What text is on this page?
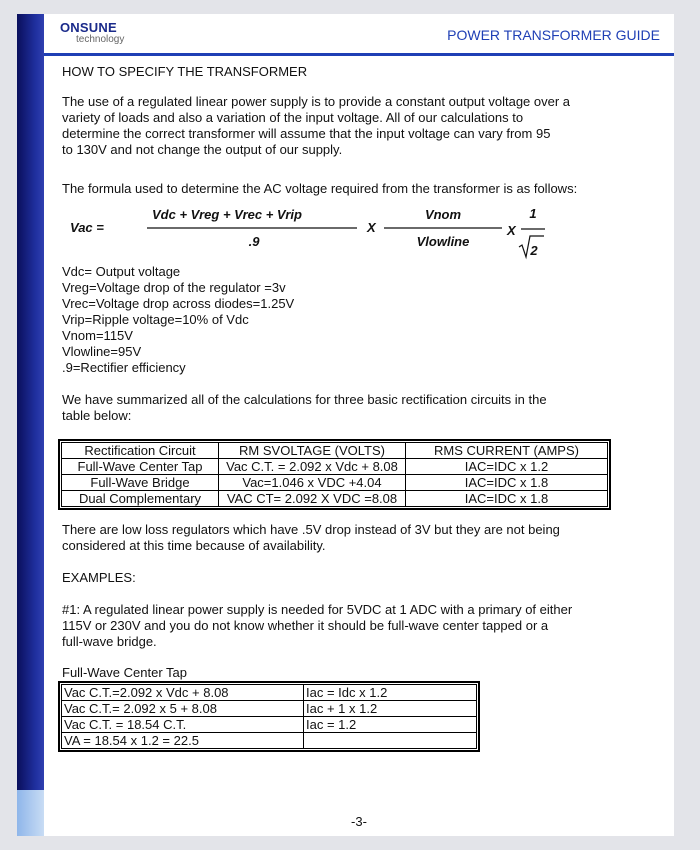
ONSUNE
technology	POWER TRANSFORMER GUIDE
HOW TO SPECIFY THE TRANSFORMER
The use of a regulated linear power supply is to provide a constant output voltage over a
variety of loads and also a variation of the input voltage. All of our calculations to
determine the correct transformer will assume that the input voltage can vary from 95
to 130V and not change the output of our supply.
The formula used to determine the AC voltage required from the transformer is as follows:
Vac =
Vdc + Vreg + Vrec + Vrip
.9
X
Vnom
Vlowline
X
1
2
Vdc= Output voltage
Vreg=Voltage drop of the regulator =3v
Vrec=Voltage drop across diodes=1.25V
Vrip=Ripple voltage=10% of Vdc
Vnom=115V
Vlowline=95V
.9=Rectifier efficiency
We have summarized all of the calculations for three basic rectification circuits in the
table below:
Rectification Circuit	RM SVOLTAGE (VOLTS)	RMS CURRENT (AMPS)
Full-Wave Center Tap	Vac C.T. = 2.092 x Vdc + 8.08	IAC=IDC x 1.2
Full-Wave Bridge	Vac=1.046 x VDC +4.04	IAC=IDC x 1.8
Dual Complementary	VAC CT= 2.092 X VDC =8.08	IAC=IDC x 1.8
There are low loss regulators which have .5V drop instead of 3V but they are not being
considered at this time because of availability.
EXAMPLES:
#1: A regulated linear power supply is needed for 5VDC at 1 ADC with a primary of either
115V or 230V and you do not know whether it should be full-wave center tapped or a
full-wave bridge.
Full-Wave Center Tap
Vac C.T.=2.092 x Vdc + 8.08	Iac = Idc x 1.2
Vac C.T.= 2.092 x 5 + 8.08	Iac + 1 x 1.2
Vac C.T. = 18.54 C.T.	Iac = 1.2
VA = 18.54 x 1.2 = 22.5	
-3-
